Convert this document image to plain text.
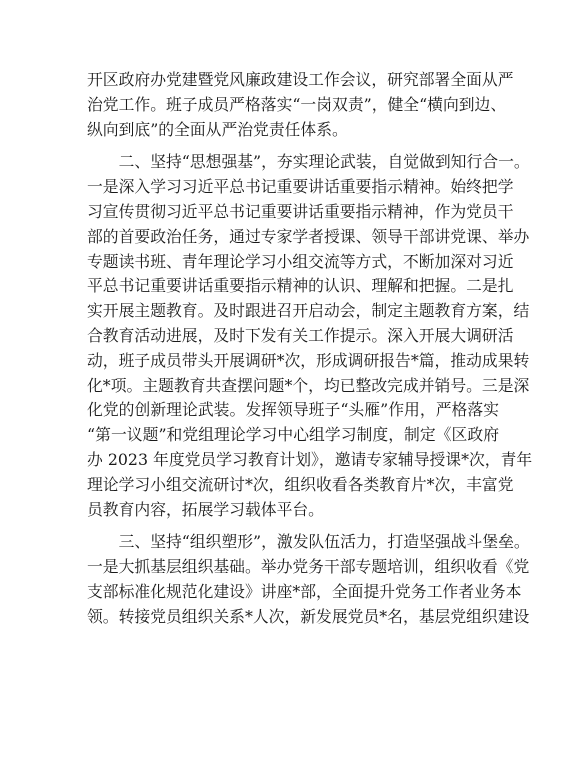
开区政府办党建暨党风廉政建设工作会议，研究部署全面从严
治党工作。班子成员严格落实“一岗双责”，健全“横向到边、
纵向到底”的全面从严治党责任体系。
　　二、坚持“思想强基”，夯实理论武装，自觉做到知行合一。
一是深入学习习近平总书记重要讲话重要指示精神。始终把学
习宣传贯彻习近平总书记重要讲话重要指示精神，作为党员干
部的首要政治任务，通过专家学者授课、领导干部讲党课、举办
专题读书班、青年理论学习小组交流等方式，不断加深对习近
平总书记重要讲话重要指示精神的认识、理解和把握。二是扎
实开展主题教育。及时跟进召开启动会，制定主题教育方案，结
合教育活动进展，及时下发有关工作提示。深入开展大调研活
动，班子成员带头开展调研*次，形成调研报告*篇，推动成果转
化*项。主题教育共查摆问题*个，均已整改完成并销号。三是深
化党的创新理论武装。发挥领导班子“头雁”作用，严格落实
“第一议题”和党组理论学习中心组学习制度，制定《区政府
办 2023 年度党员学习教育计划》，邀请专家辅导授课*次，青年
理论学习小组交流研讨*次，组织收看各类教育片*次，丰富党
员教育内容，拓展学习载体平台。
　　三、坚持“组织塑形”，激发队伍活力，打造坚强战斗堡垒。
一是大抓基层组织基础。举办党务干部专题培训，组织收看《党
支部标准化规范化建设》讲座*部，全面提升党务工作者业务本
领。转接党员组织关系*人次，新发展党员*名，基层党组织建设
